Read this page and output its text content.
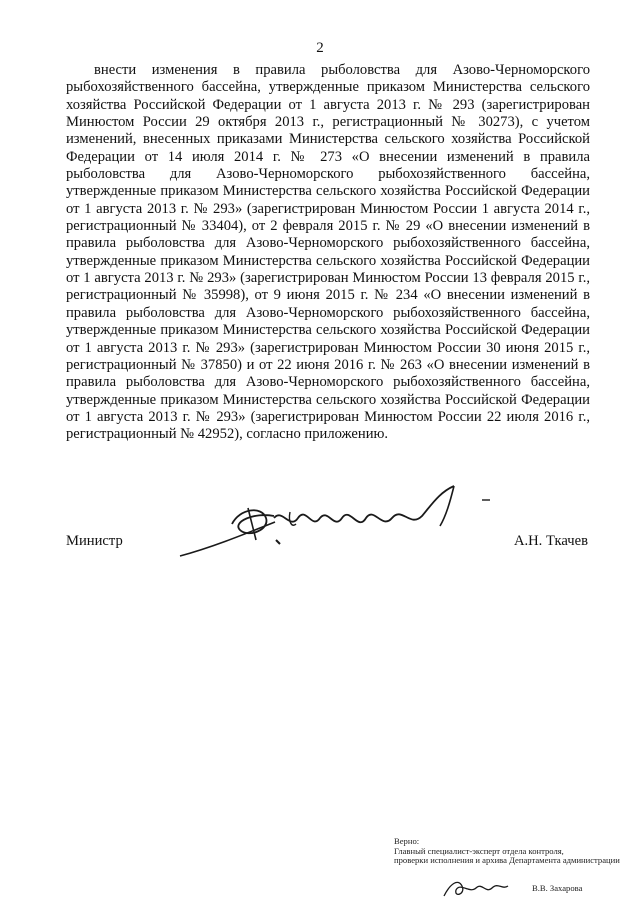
2

внести изменения в правила рыболовства для Азово-Черноморского рыбохозяйственного бассейна, утвержденные приказом Министерства сельского хозяйства Российской Федерации от 1 августа 2013 г. № 293 (зарегистрирован Минюстом России 29 октября 2013 г., регистрационный № 30273), с учетом изменений, внесенных приказами Министерства сельского хозяйства Российской Федерации от 14 июля 2014 г. № 273 «О внесении изменений в правила рыболовства для Азово-Черноморского рыбохозяйственного бассейна, утвержденные приказом Министерства сельского хозяйства Российской Федерации от 1 августа 2013 г. № 293» (зарегистрирован Минюстом России 1 августа 2014 г., регистрационный № 33404), от 2 февраля 2015 г. № 29 «О внесении изменений в правила рыболовства для Азово-Черноморского рыбохозяйственного бассейна, утвержденные приказом Министерства сельского хозяйства Российской Федерации от 1 августа 2013 г. № 293» (зарегистрирован Минюстом России 13 февраля 2015 г., регистрационный № 35998), от 9 июня 2015 г. № 234 «О внесении изменений в правила рыболовства для Азово-Черноморского рыбохозяйственного бассейна, утвержденные приказом Министерства сельского хозяйства Российской Федерации от 1 августа 2013 г. № 293» (зарегистрирован Минюстом России 30 июня 2015 г., регистрационный № 37850) и от 22 июня 2016 г. № 263 «О внесении изменений в правила рыболовства для Азово-Черноморского рыбохозяйственного бассейна, утвержденные приказом Министерства сельского хозяйства Российской Федерации от 1 августа 2013 г. № 293» (зарегистрирован Минюстом России 22 июля 2016 г., регистрационный № 42952), согласно приложению.

Министр	А.Н. Ткачев
Верно:
Главный специалист-эксперт отдела контроля,
проверки исполнения и архива Департамента администрации
В.В. Захарова
